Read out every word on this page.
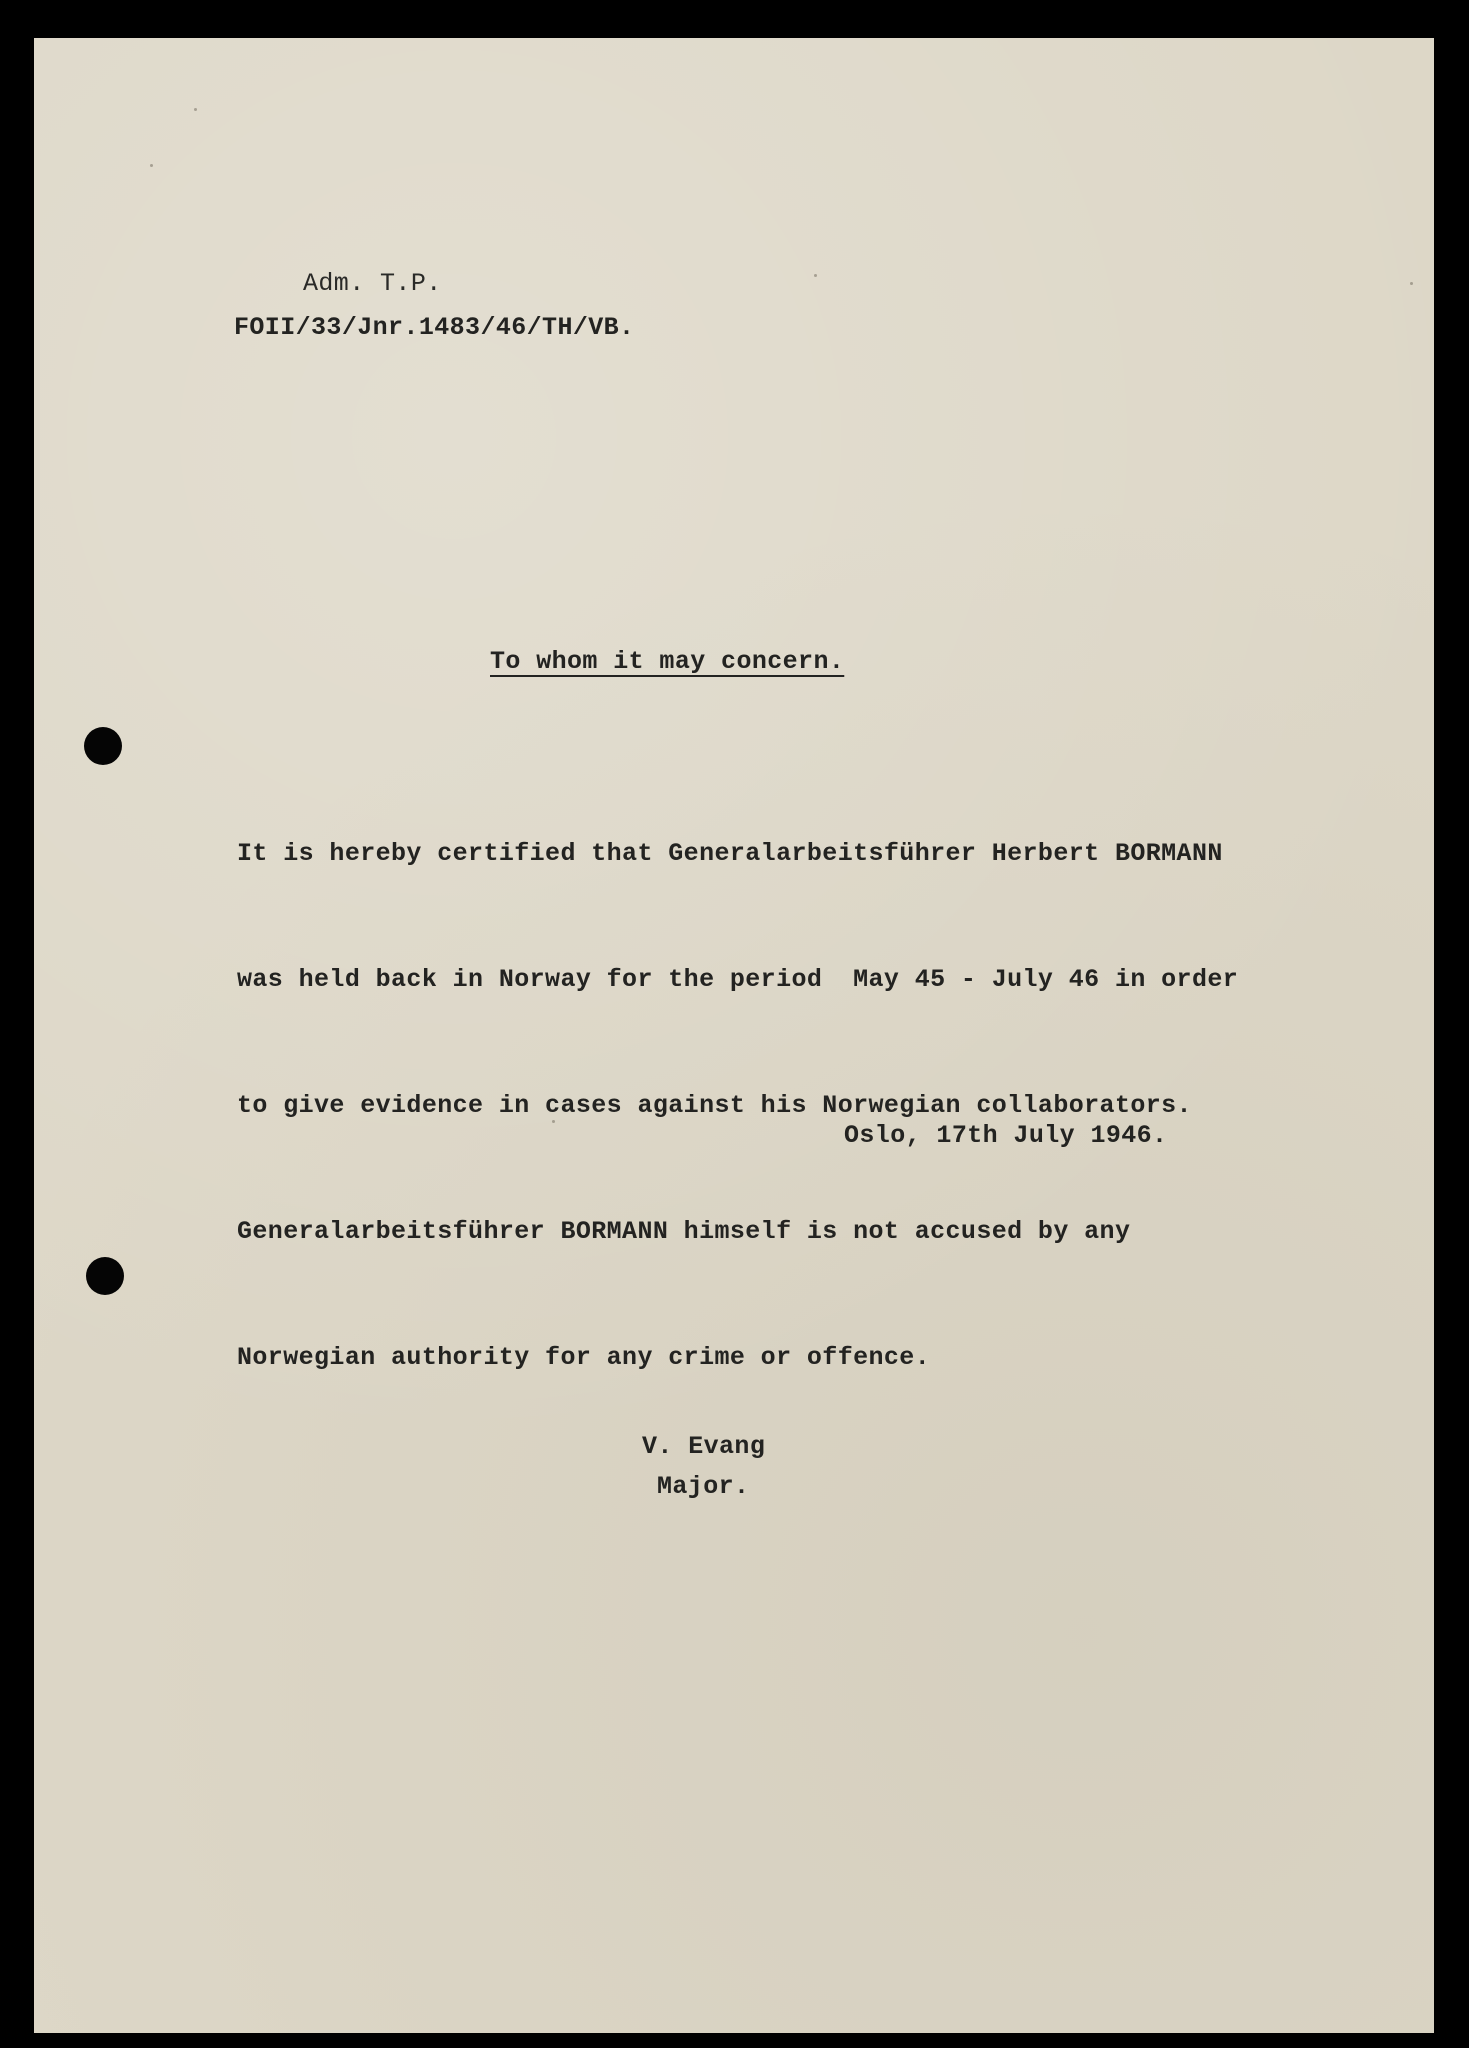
Adm. T.P.

FOII/33/Jnr.1483/46/TH/VB.

To whom it may concern.

It is hereby certified that Generalarbeitsführer Herbert BORMANN

was held back in Norway for the period  May 45 - July 46 in order

to give evidence in cases against his Norwegian collaborators.

Generalarbeitsführer BORMANN himself is not accused by any

Norwegian authority for any crime or offence.

Oslo, 17th July 1946.

V. Evang

Major.
